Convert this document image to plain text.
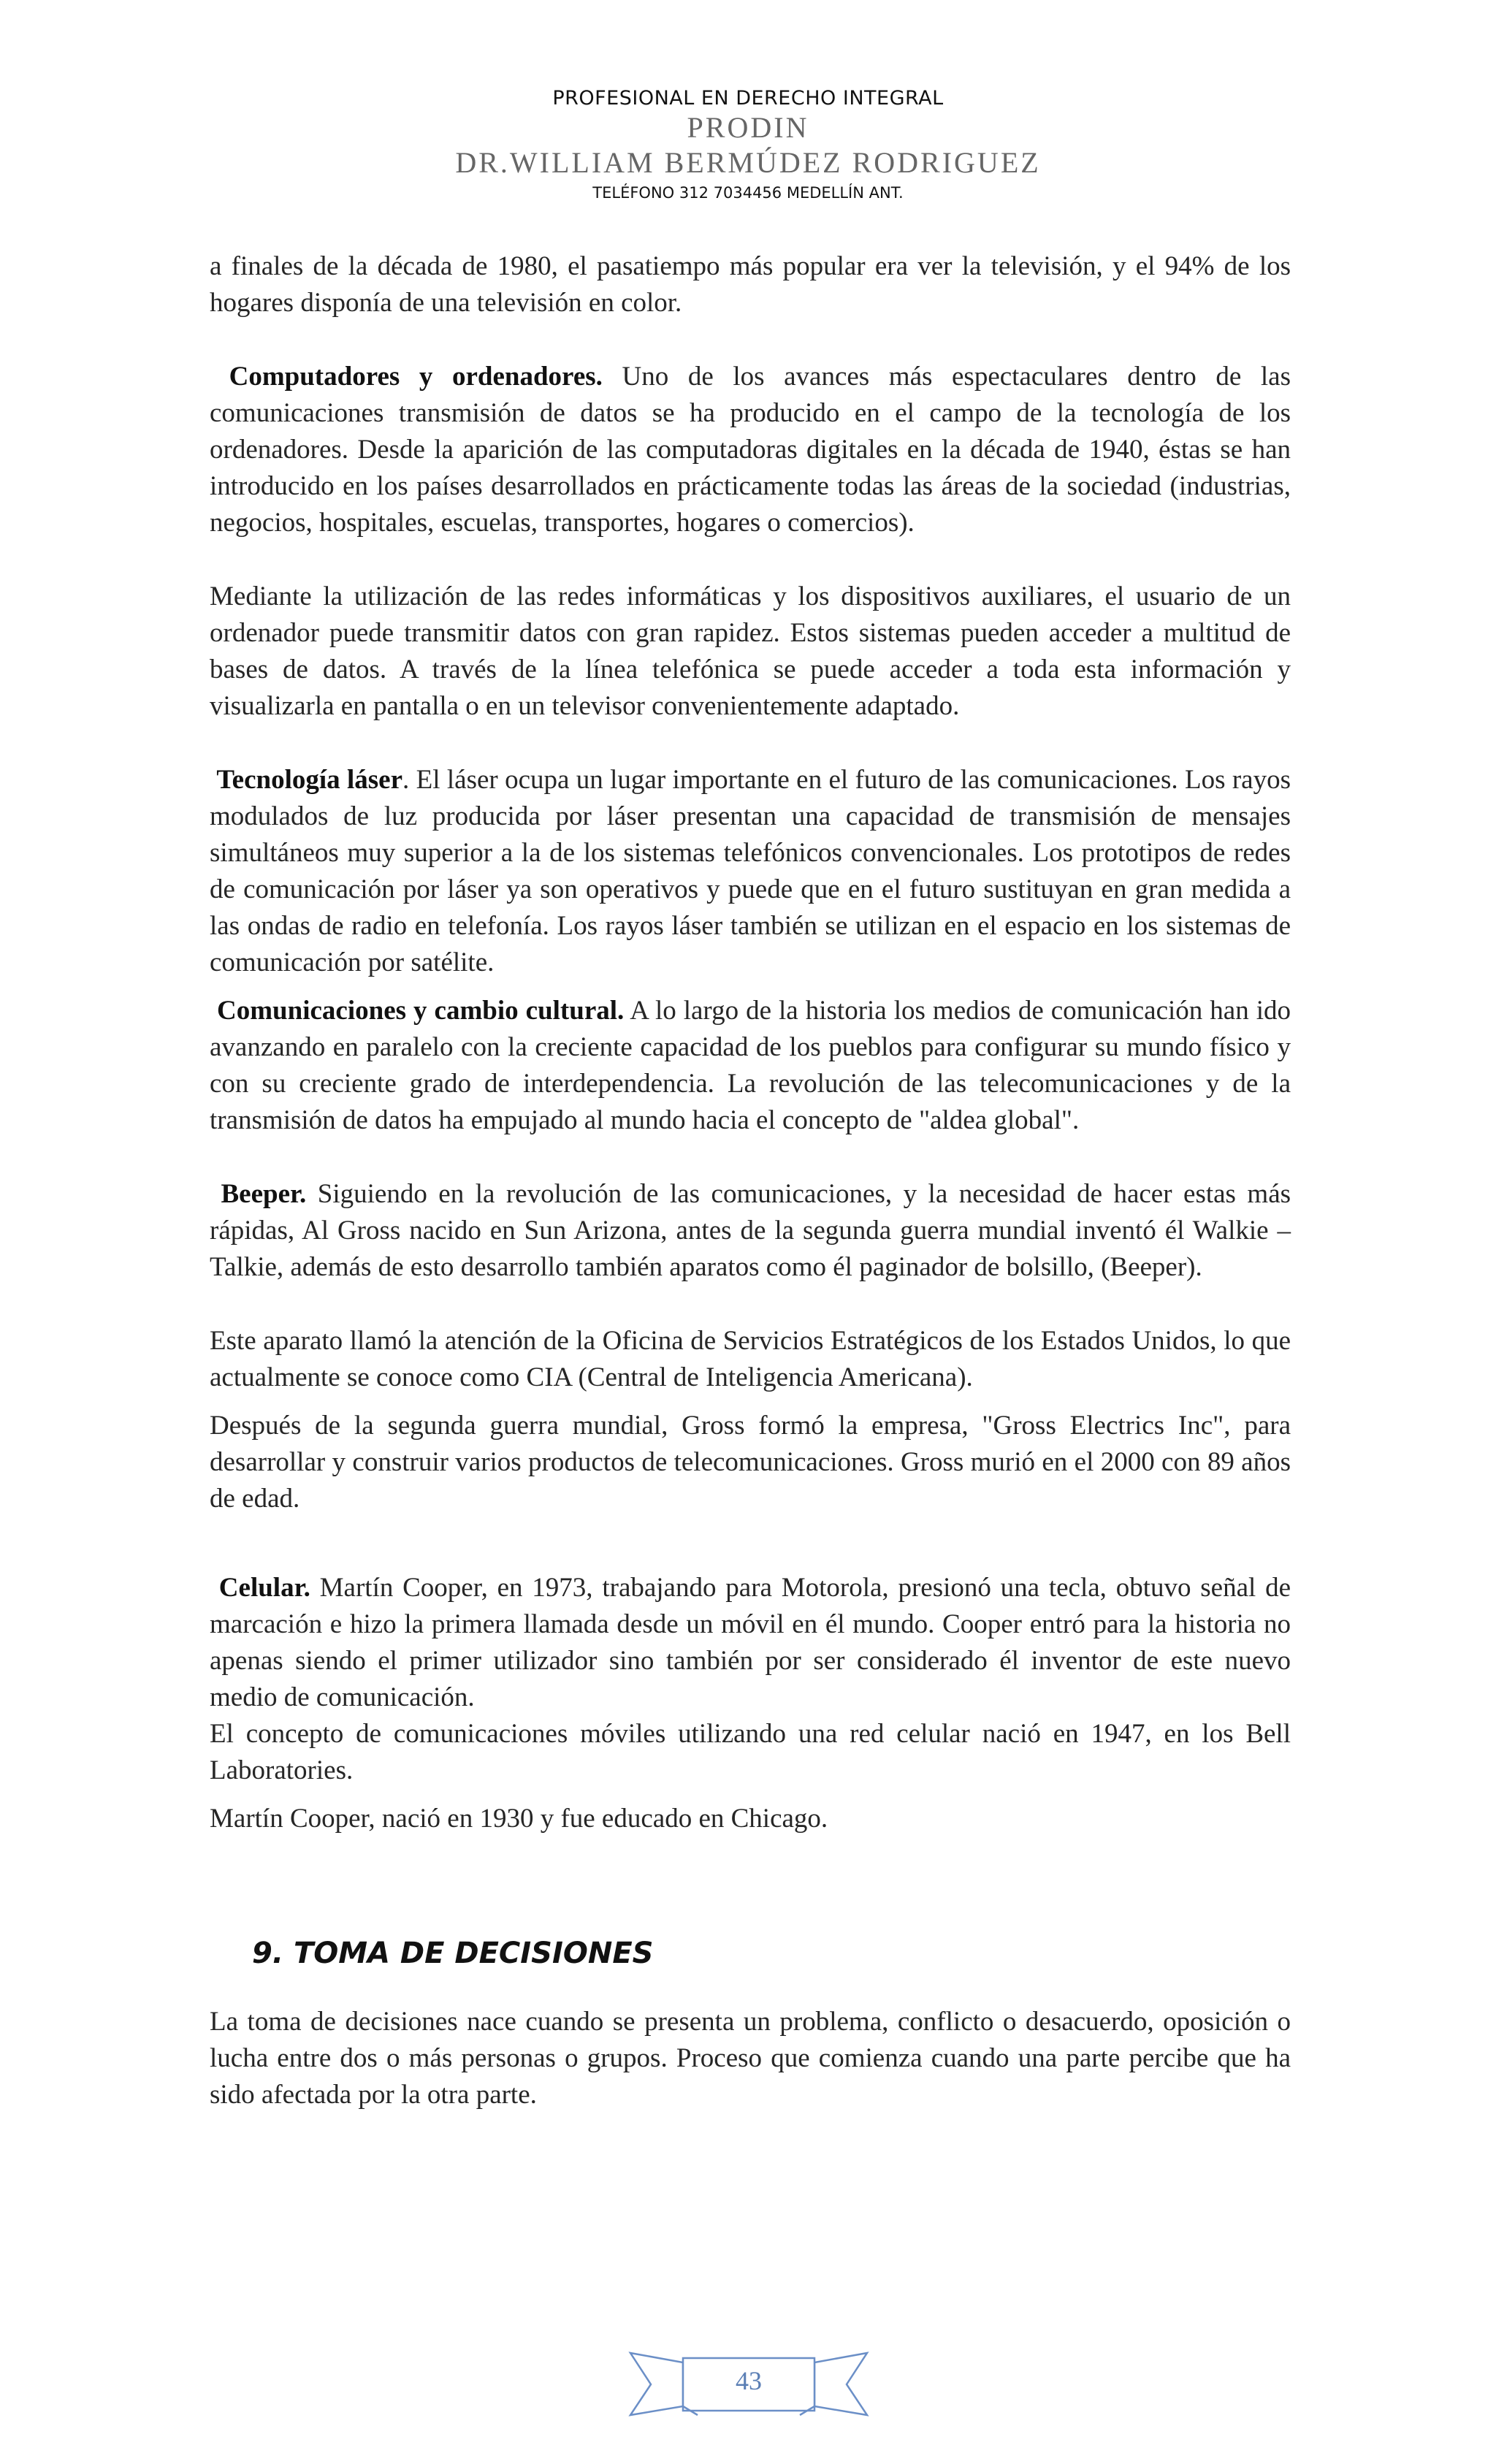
PROFESIONAL EN DERECHO INTEGRAL
PRODIN
DR.WILLIAM BERMÚDEZ RODRIGUEZ
TELÉFONO 312 7034456 MEDELLÍN ANT.

a finales de la década de 1980, el pasatiempo más popular era ver la televisión, y el 94% de los hogares disponía de una televisión en color.

Computadores y ordenadores. Uno de los avances más espectaculares dentro de las comunicaciones transmisión de datos se ha producido en el campo de la tecnología de los ordenadores. Desde la aparición de las computadoras digitales en la década de 1940, éstas se han introducido en los países desarrollados en prácticamente todas las áreas de la sociedad (industrias, negocios, hospitales, escuelas, transportes, hogares o comercios).

Mediante la utilización de las redes informáticas y los dispositivos auxiliares, el usuario de un ordenador puede transmitir datos con gran rapidez. Estos sistemas pueden acceder a multitud de bases de datos. A través de la línea telefónica se puede acceder a toda esta información y visualizarla en pantalla o en un televisor convenientemente adaptado.

Tecnología láser. El láser ocupa un lugar importante en el futuro de las comunicaciones. Los rayos modulados de luz producida por láser presentan una capacidad de transmisión de mensajes simultáneos muy superior a la de los sistemas telefónicos convencionales. Los prototipos de redes de comunicación por láser ya son operativos y puede que en el futuro sustituyan en gran medida a las ondas de radio en telefonía. Los rayos láser también se utilizan en el espacio en los sistemas de comunicación por satélite.

Comunicaciones y cambio cultural. A lo largo de la historia los medios de comunicación han ido avanzando en paralelo con la creciente capacidad de los pueblos para configurar su mundo físico y con su creciente grado de interdependencia. La revolución de las telecomunicaciones y de la transmisión de datos ha empujado al mundo hacia el concepto de "aldea global".

Beeper. Siguiendo en la revolución de las comunicaciones, y la necesidad de hacer estas más rápidas, Al Gross nacido en Sun Arizona, antes de la segunda guerra mundial inventó él Walkie – Talkie, además de esto desarrollo también aparatos como él paginador de bolsillo, (Beeper).

Este aparato llamó la atención de la Oficina de Servicios Estratégicos de los Estados Unidos, lo que actualmente se conoce como CIA (Central de Inteligencia Americana).

Después de la segunda guerra mundial, Gross formó la empresa, "Gross Electrics Inc", para desarrollar y construir varios productos de telecomunicaciones. Gross murió en el 2000 con 89 años de edad.

Celular. Martín Cooper, en 1973, trabajando para Motorola, presionó una tecla, obtuvo señal de marcación e hizo la primera llamada desde un móvil en él mundo. Cooper entró para la historia no apenas siendo el primer utilizador sino también por ser considerado él inventor de este nuevo medio de comunicación.

El concepto de comunicaciones móviles utilizando una red celular nació en 1947, en los Bell Laboratories.

Martín Cooper, nació en 1930 y fue educado en Chicago.

9. TOMA DE DECISIONES

La toma de decisiones nace cuando se presenta un problema, conflicto o desacuerdo, oposición o lucha entre dos o más personas o grupos. Proceso que comienza cuando una parte percibe que ha sido afectada por la otra parte.

43
